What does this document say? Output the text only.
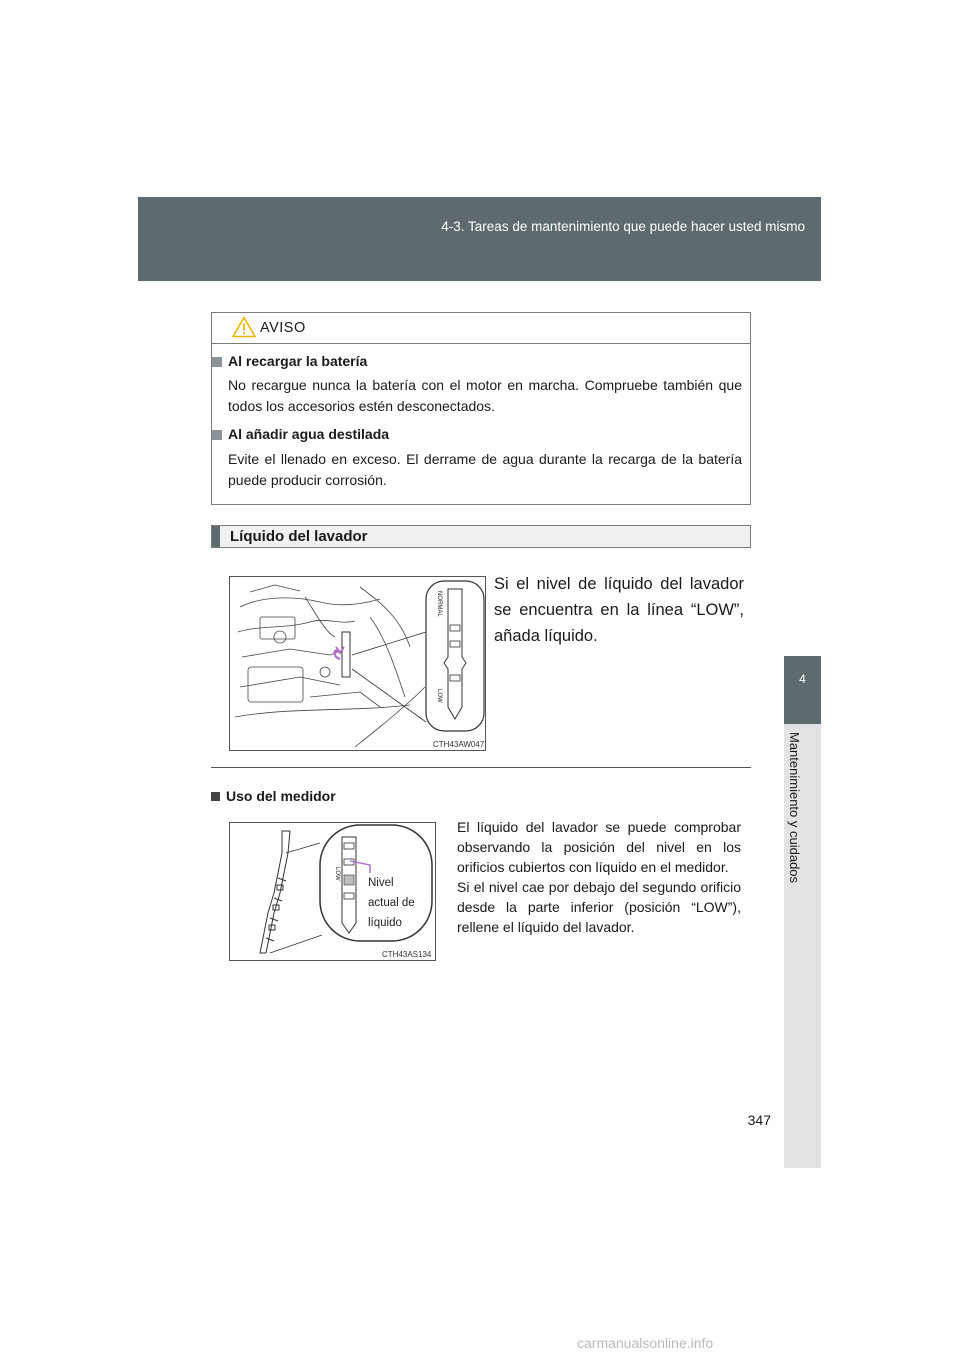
4-3. Tareas de mantenimiento que puede hacer usted mismo
4
Mantenimiento y cuidados
AVISO
Al recargar la batería
No recargue nunca la batería con el motor en marcha. Compruebe también que todos los accesorios estén desconectados.
Al añadir agua destilada
Evite el llenado en exceso. El derrame de agua durante la recarga de la batería puede producir corrosión.
Líquido del lavador
NORMAL
LOW
CTH43AW047
Si el nivel de líquido del lavador se encuentra en la línea “LOW”, añada líquido.
Uso del medidor
LOW
Nivel
actual de
líquido
CTH43AS134

El líquido del lavador se puede comprobar observando la posición del nivel en los orificios cubiertos con líquido en el medidor.

Si el nivel cae por debajo del segundo orificio desde la parte inferior (posición “LOW”), rellene el líquido del lavador.

347
carmanualsonline.info
